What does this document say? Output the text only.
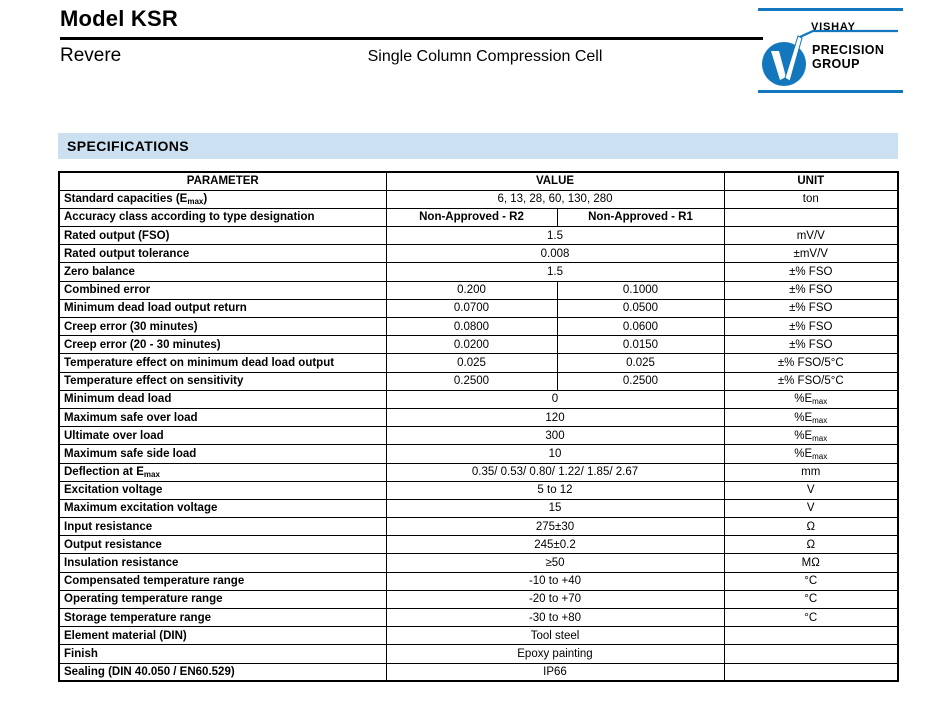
Model KSR
Revere	Single Column Compression Cell
VISHAY
PRECISION
GROUP
SPECIFICATIONS
PARAMETER	VALUE		UNIT
Standard capacities $(E_{max})$	6, 13, 28, 60, 130, 280		ton
Accuracy class according to type designation	Non-Approved - R2	Non-Approved - R1	
Rated output (FSO)	1.5		mV/V
Rated output tolerance	0.008		±mV/V
Zero balance	1.5		±% FSO
Combined error	0.200	0.1000	±% FSO
Minimum dead load output return	0.0700	0.0500	±% FSO
Creep error (30 minutes)	0.0800	0.0600	±% FSO
Creep error (20 - 30 minutes)	0.0200	0.0150	±% FSO
Temperature effect on minimum dead load output	0.025	0.025	±% FSO/5°C
Temperature effect on sensitivity	0.2500	0.2500	±% FSO/5°C
Minimum dead load	0		$\%E_{max}$
Maximum safe over load	120		$\%E_{max}$
Ultimate over load	300		$\%E_{max}$
Maximum safe side load	10		$\%E_{max}$
Deflection at $E_{max}$	0.35/ 0.53/ 0.80/ 1.22/ 1.85/ 2.67		mm
Excitation voltage	5 to 12		V
Maximum excitation voltage	15		V
Input resistance	275±30		Ω
Output resistance	245±0.2		Ω
Insulation resistance	≥50		MΩ
Compensated temperature range	-10 to +40		°C
Operating temperature range	-20 to +70		°C
Storage temperature range	-30 to +80		°C
Element material (DIN)	Tool steel		
Finish	Epoxy painting		
Sealing (DIN 40.050 / EN60.529)	IP66		
